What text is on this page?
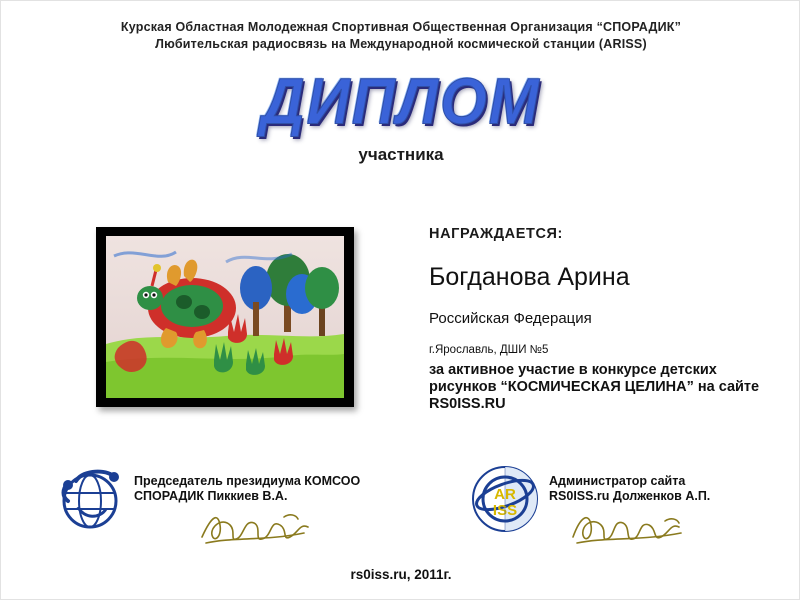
Курская Областная Молодежная Спортивная Общественная Организация “СПОРАДИК”
Любительская радиосвязь на Международной космической станции (ARISS)
ДИПЛОМ
участника
НАГРАЖДАЕТСЯ:
Богданова Арина
Российская Федерация
г.Ярославль, ДШИ №5
за активное участие в конкурсе детских рисунков “КОСМИЧЕСКАЯ ЦЕЛИНА” на сайте RS0ISS.RU
Председатель президиума КОМСОО
СПОРАДИК Пиккиев В.А.	AR
ISS
Администратор сайта
RS0ISS.ru Долженков А.П.
rs0iss.ru, 2011г.
